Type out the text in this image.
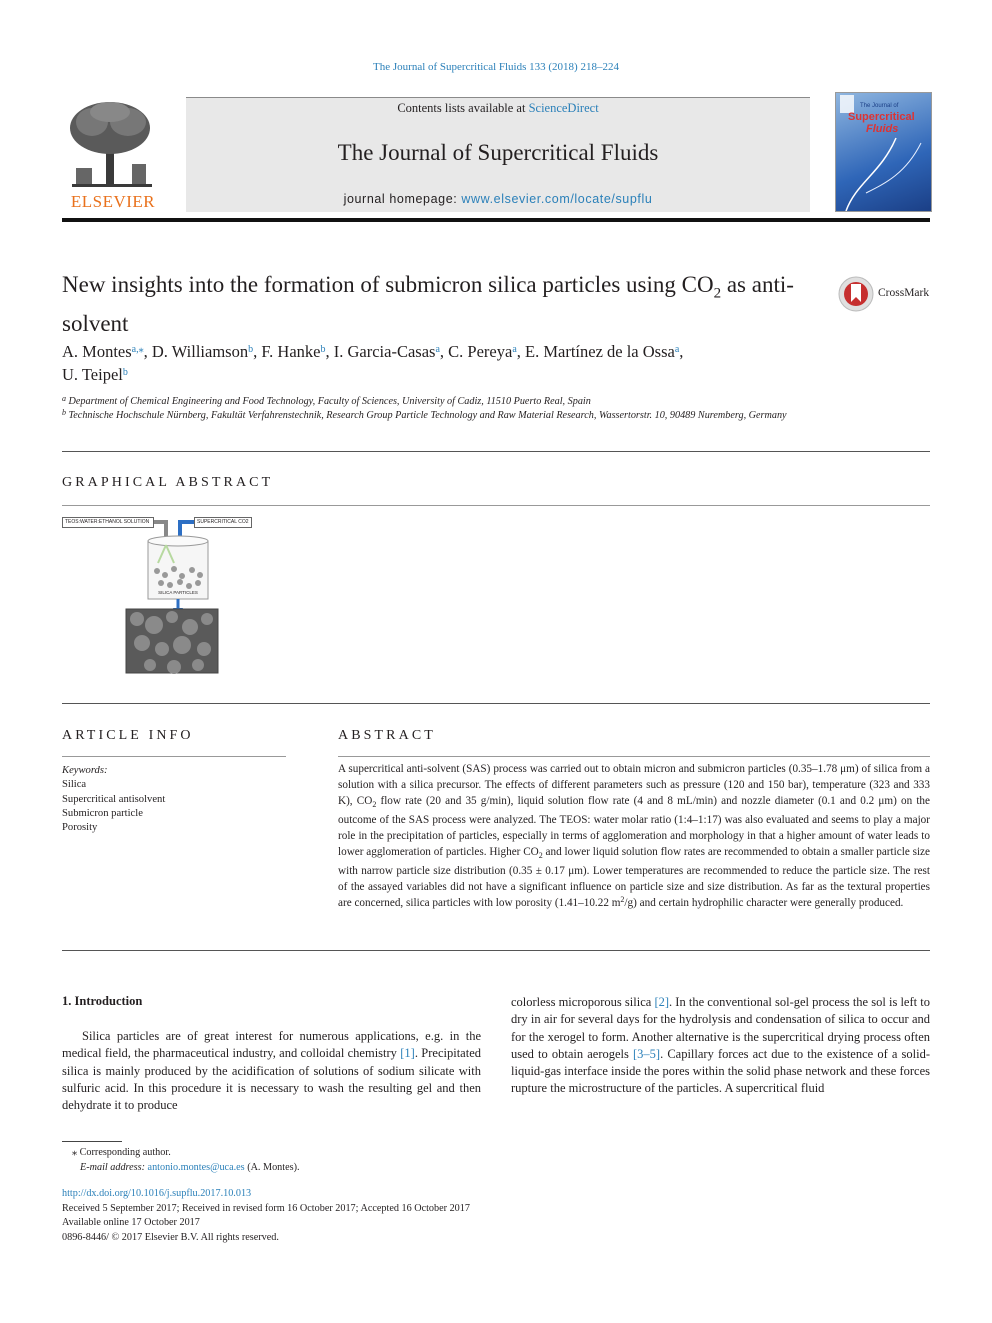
The Journal of Supercritical Fluids 133 (2018) 218–224
ELSEVIER
Contents lists available at ScienceDirect
The Journal of Supercritical Fluids
journal homepage: www.elsevier.com/locate/supflu
The Journal of
Supercritical
Fluids
New insights into the formation of submicron silica particles using $CO_2$ as anti-solvent
CrossMark
A. Montes$^{a,⁎}$, D. Williamson$^b$, F. Hanke$^b$, I. Garcia-Casas$^a$, C. Pereya$^a$, E. Martínez de la Ossa$^a$,
U. Teipel$^b$
$^a$ Department of Chemical Engineering and Food Technology, Faculty of Sciences, University of Cadiz, 11510 Puerto Real, Spain
$^b$ Technische Hochschule Nürnberg, Fakultät Verfahrenstechnik, Research Group Particle Technology and Raw Material Research, Wassertorstr. 10, 90489 Nuremberg, Germany
GRAPHICAL ABSTRACT
TEOS:WATER:ETHANOL SOLUTION	SUPERCRITICAL CO2
SILICA PARTICLES
ARTICLE INFO
Keywords:
Silica
Supercritical antisolvent
Submicron particle
Porosity
ABSTRACT
A supercritical anti-solvent (SAS) process was carried out to obtain micron and submicron particles (0.35–1.78 μm) of silica from a solution with a silica precursor. The effects of different parameters such as pressure (120 and 150 bar), temperature (323 and 333 K), $CO_2$ flow rate (20 and 35 g/min), liquid solution flow rate (4 and 8 mL/min) and nozzle diameter (0.1 and 0.2 μm) on the outcome of the SAS process were analyzed. The TEOS: water molar ratio (1:4–1:17) was also evaluated and seems to play a major role in the precipitation of particles, especially in terms of agglomeration and morphology in that a higher amount of water leads to lower agglomeration of particles. Higher $CO_2$ and lower liquid solution flow rates are recommended to obtain a smaller particle size with narrow particle size distribution (0.35 ± 0.17 μm). Lower temperatures are recommended to reduce the particle size. The rest of the assayed variables did not have a significant influence on particle size and size distribution. As far as the textural properties are concerned, silica particles with low porosity (1.41–10.22 $m^2/g$) and certain hydrophilic character were generally produced.
1. Introduction
Silica particles are of great interest for numerous applications, e.g. in the medical field, the pharmaceutical industry, and colloidal chemistry [1]. Precipitated silica is mainly produced by the acidification of solutions of sodium silicate with sulfuric acid. In this procedure it is necessary to wash the resulting gel and then dehydrate it to produce
colorless microporous silica [2]. In the conventional sol-gel process the sol is left to dry in air for several days for the hydrolysis and condensation of silica to occur and for the xerogel to form. Another alternative is the supercritical drying process often used to obtain aerogels [3–5]. Capillary forces act due to the existence of a solid-liquid-gas interface inside the pores within the solid phase network and these forces rupture the microstructure of the particles. A supercritical fluid
⁎ Corresponding author.
E-mail address: antonio.montes@uca.es (A. Montes).
http://dx.doi.org/10.1016/j.supflu.2017.10.013
Received 5 September 2017; Received in revised form 16 October 2017; Accepted 16 October 2017
Available online 17 October 2017
0896-8446/ © 2017 Elsevier B.V. All rights reserved.
